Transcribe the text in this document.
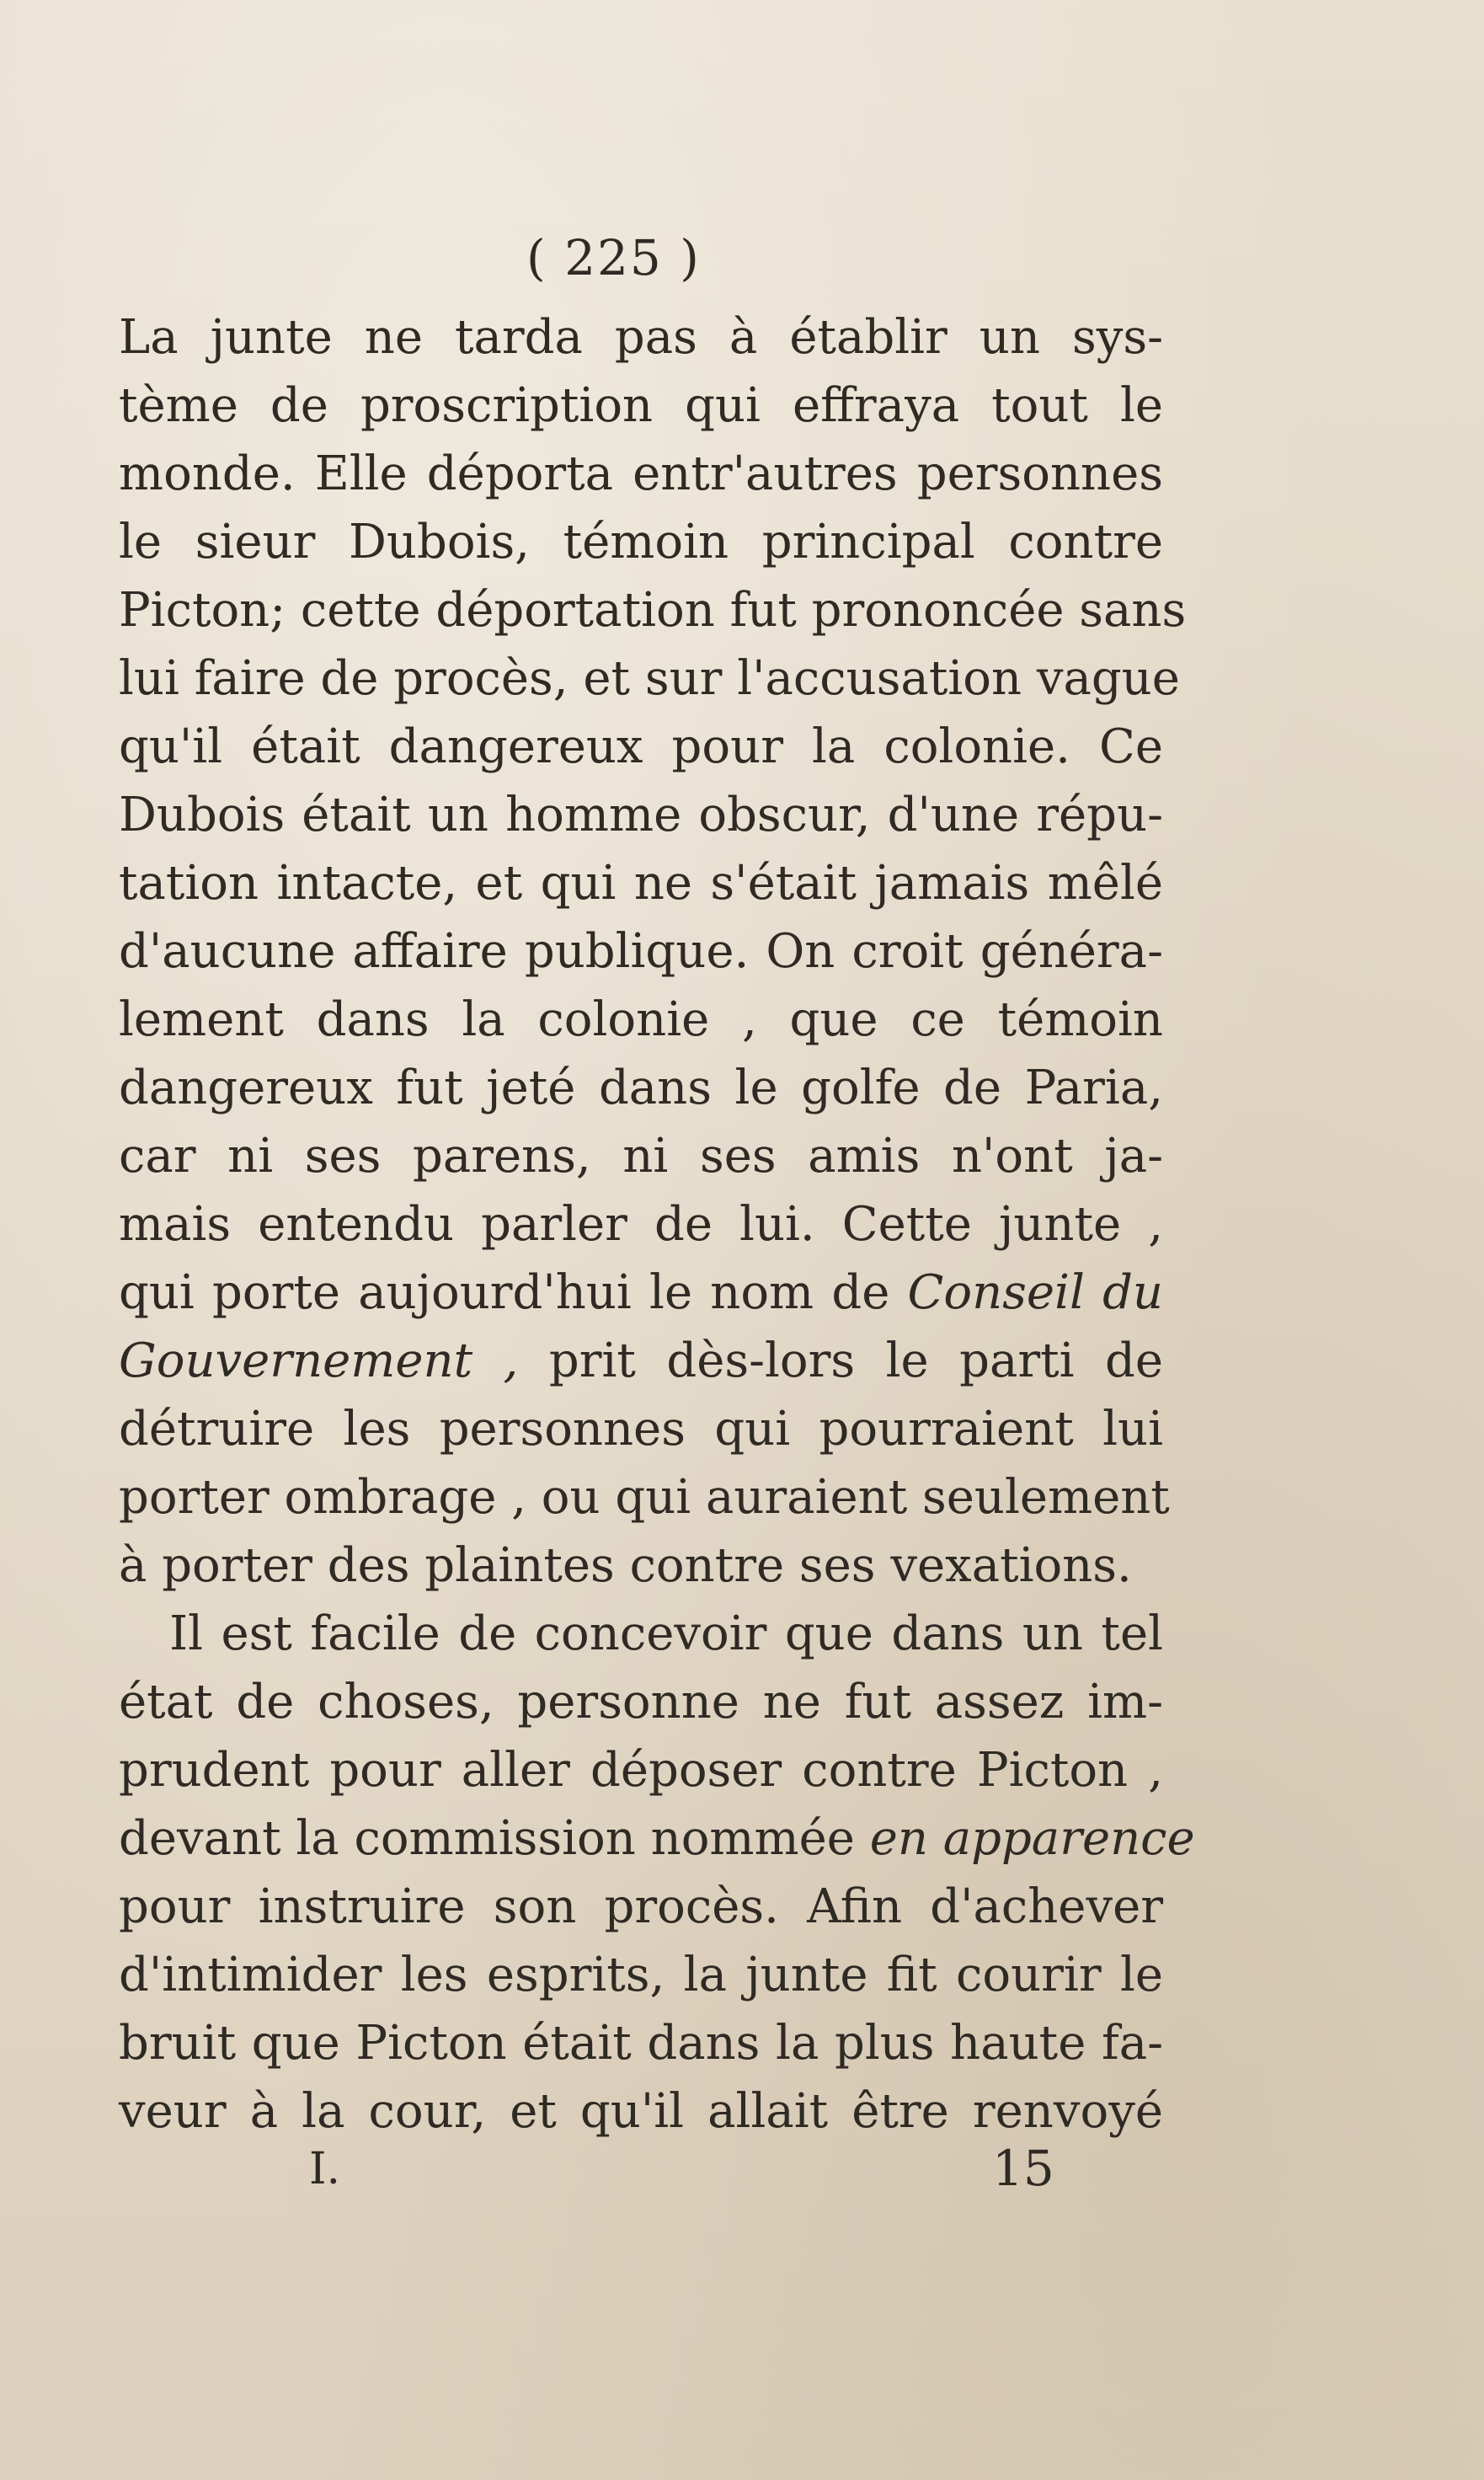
( 225 )
La junte ne tarda pas à établir un sys-
tème de proscription qui effraya tout le
monde. Elle déporta entr'autres personnes
le sieur Dubois, témoin principal contre
Picton; cette déportation fut prononcée sans
lui faire de procès, et sur l'accusation vague
qu'il était dangereux pour la colonie. Ce
Dubois était un homme obscur, d'une répu-
tation intacte, et qui ne s'était jamais mêlé
d'aucune affaire publique. On croit généra-
lement dans la colonie , que ce témoin
dangereux fut jeté dans le golfe de Paria,
car ni ses parens, ni ses amis n'ont ja-
mais entendu parler de lui. Cette junte ,
qui porte aujourd'hui le nom de Conseil du
Gouvernement , prit dès-lors le parti de
détruire les personnes qui pourraient lui
porter ombrage , ou qui auraient seulement
à porter des plaintes contre ses vexations.
Il est facile de concevoir que dans un tel
état de choses, personne ne fut assez im-
prudent pour aller déposer contre Picton ,
devant la commission nommée en apparence
pour instruire son procès. Afin d'achever
d'intimider les esprits, la junte fit courir le
bruit que Picton était dans la plus haute fa-
veur à la cour, et qu'il allait être renvoyé
I.	15
